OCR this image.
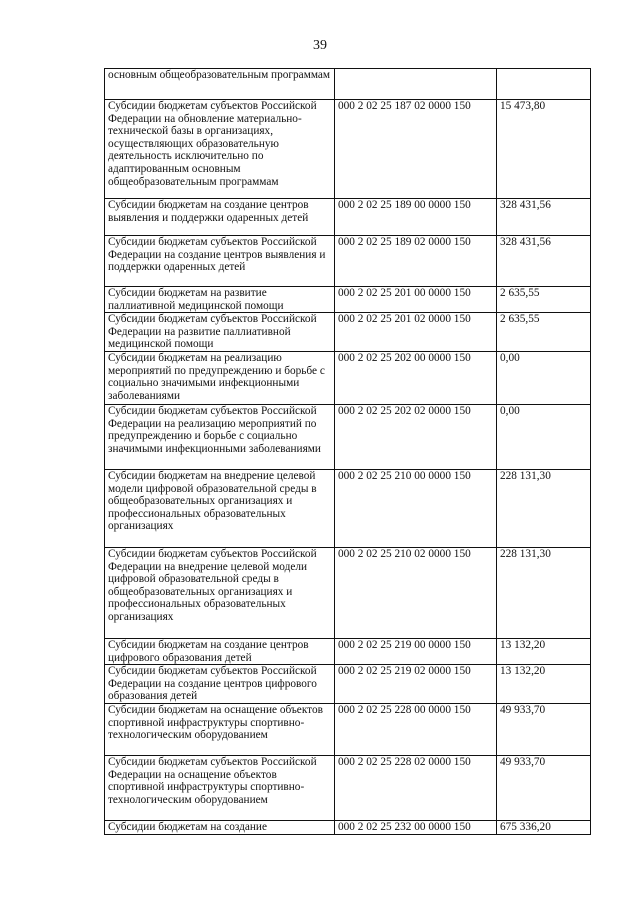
39
основным общеобразовательным программам		
Субсидии бюджетам субъектов Российской Федерации на обновление материально-технической базы в организациях, осуществляющих образовательную деятельность исключительно по адаптированным основным общеобразовательным программам	000 2 02 25 187 02 0000 150	15 473,80
Субсидии бюджетам на создание центров выявления и поддержки одаренных детей	000 2 02 25 189 00 0000 150	328 431,56
Субсидии бюджетам субъектов Российской Федерации на создание центров выявления и поддержки одаренных детей	000 2 02 25 189 02 0000 150	328 431,56
Субсидии бюджетам на развитие паллиативной медицинской помощи	000 2 02 25 201 00 0000 150	2 635,55
Субсидии бюджетам субъектов Российской Федерации на развитие паллиативной медицинской помощи	000 2 02 25 201 02 0000 150	2 635,55
Субсидии бюджетам на реализацию мероприятий по предупреждению и борьбе с социально значимыми инфекционными заболеваниями	000 2 02 25 202 00 0000 150	0,00
Субсидии бюджетам субъектов Российской Федерации на реализацию мероприятий по предупреждению и борьбе с социально значимыми инфекционными заболеваниями	000 2 02 25 202 02 0000 150	0,00
Субсидии бюджетам на внедрение целевой модели цифровой образовательной среды в общеобразовательных организациях и профессиональных образовательных организациях	000 2 02 25 210 00 0000 150	228 131,30
Субсидии бюджетам субъектов Российской Федерации на внедрение целевой модели цифровой образовательной среды в общеобразовательных организациях и профессиональных образовательных организациях	000 2 02 25 210 02 0000 150	228 131,30
Субсидии бюджетам на создание центров цифрового образования детей	000 2 02 25 219 00 0000 150	13 132,20
Субсидии бюджетам субъектов Российской Федерации на создание центров цифрового образования детей	000 2 02 25 219 02 0000 150	13 132,20
Субсидии бюджетам на оснащение объектов спортивной инфраструктуры спортивно-технологическим оборудованием	000 2 02 25 228 00 0000 150	49 933,70
Субсидии бюджетам субъектов Российской Федерации на оснащение объектов спортивной инфраструктуры спортивно-технологическим оборудованием	000 2 02 25 228 02 0000 150	49 933,70
Субсидии бюджетам на создание	000 2 02 25 232 00 0000 150	675 336,20
